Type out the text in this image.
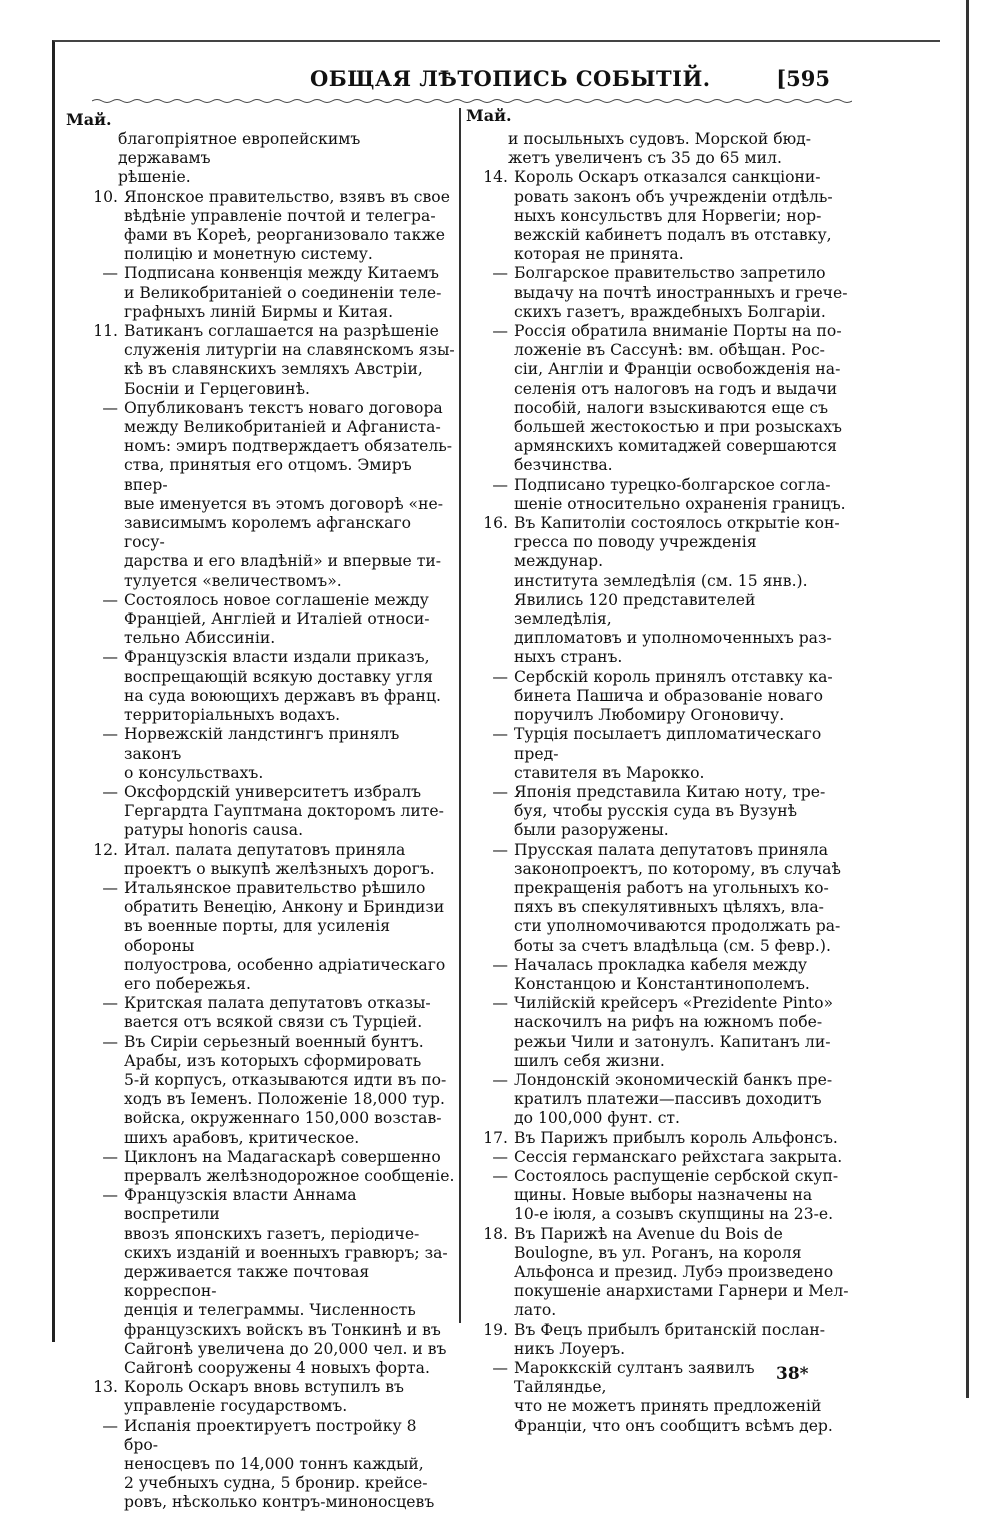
ОБЩАЯ ЛѢТОПИСЬ СОБЫТІЙ.	[595
Май.	Май.
благопріятное европейскимъ державамъ
рѣшеніе.
10. Японское правительство, взявъ въ свое
вѣдѣніе управленіе почтой и телегра-
фами въ Кореѣ, реорганизовало также
полицію и монетную систему.
— Подписана конвенція между Китаемъ
и Великобританіей о соединеніи теле-
графныхъ линій Бирмы и Китая.
11. Ватиканъ соглашается на разрѣшеніе
служенія литургіи на славянскомъ язы-
кѣ въ славянскихъ земляхъ Австріи,
Босніи и Герцеговинѣ.
— Опубликованъ текстъ новаго договора
между Великобританіей и Афганиста-
номъ: эмиръ подтверждаетъ обязатель-
ства, принятыя его отцомъ. Эмиръ впер-
вые именуется въ этомъ договорѣ «не-
зависимымъ королемъ афганскаго госу-
дарства и его владѣній» и впервые ти-
тулуется «величествомъ».
— Состоялось новое соглашеніе между
Франціей, Англіей и Италіей относи-
тельно Абиссиніи.
— Французскія власти издали приказъ,
воспрещающій всякую доставку угля
на суда воюющихъ державъ въ франц.
территоріальныхъ водахъ.
— Норвежскій ландстингъ принялъ законъ
о консульствахъ.
— Оксфордскій университетъ избралъ
Гергардта Гауптмана докторомъ лите-
ратуры honoris causa.
12. Итал. палата депутатовъ приняла
проектъ о выкупѣ желѣзныхъ дорогъ.
— Итальянское правительство рѣшило
обратить Венецію, Анкону и Бриндизи
въ военные порты, для усиленія обороны
полуострова, особенно адріатическаго
его побережья.
— Критская палата депутатовъ отказы-
вается отъ всякой связи съ Турціей.
— Въ Сиріи серьезный военный бунтъ.
Арабы, изъ которыхъ сформировать
5-й корпусъ, отказываются идти въ по-
ходъ въ Іеменъ. Положеніе 18,000 тур.
войска, окруженнаго 150,000 возстав-
шихъ арабовъ, критическое.
— Циклонъ на Мадагаскарѣ совершенно
прервалъ желѣзнодорожное сообщеніе.
— Французскія власти Аннама воспретили
ввозъ японскихъ газетъ, періодиче-
скихъ изданій и военныхъ гравюръ; за-
держивается также почтовая корреспон-
денція и телеграммы. Численность
французскихъ войскъ въ Тонкинѣ и въ
Сайгонѣ увеличена до 20,000 чел. и въ
Сайгонѣ сооружены 4 новыхъ форта.
13. Король Оскаръ вновь вступилъ въ
управленіе государствомъ.
— Испанія проектируетъ постройку 8 бро-
неносцевъ по 14,000 тоннъ каждый,
2 учебныхъ судна, 5 бронир. крейсе-
ровъ, нѣсколько контръ-миноносцевъ
и посыльныхъ судовъ. Морской бюд-
жетъ увеличенъ съ 35 до 65 мил.
14. Король Оскаръ отказался санкціони-
ровать законъ объ учрежденіи отдѣль-
ныхъ консульствъ для Норвегіи; нор-
вежскій кабинетъ подалъ въ отставку,
которая не принята.
— Болгарское правительство запретило
выдачу на почтѣ иностранныхъ и грече-
скихъ газетъ, враждебныхъ Болгаріи.
— Россія обратила вниманіе Порты на по-
ложеніе въ Сассунѣ: вм. обѣщан. Рос-
сіи, Англіи и Франціи освобожденія на-
селенія отъ налоговъ на годъ и выдачи
пособій, налоги взыскиваются еще съ
большей жестокостью и при розыскахъ
армянскихъ комитаджей совершаются
безчинства.
— Подписано турецко-болгарское согла-
шеніе относительно охраненія границъ.
16. Въ Капитоліи состоялось открытіе кон-
гресса по поводу учрежденія междунар.
института земледѣлія (см. 15 янв.).
Явились 120 представителей земледѣлія,
дипломатовъ и уполномоченныхъ раз-
ныхъ странъ.
— Сербскій король принялъ отставку ка-
бинета Пашича и образованіе новаго
поручилъ Любомиру Огоновичу.
— Турція посылаетъ дипломатическаго пред-
ставителя въ Марокко.
— Японія представила Китаю ноту, тре-
буя, чтобы русскія суда въ Вузунѣ
были разоружены.
— Прусская палата депутатовъ приняла
законопроектъ, по которому, въ случаѣ
прекращенія работъ на угольныхъ ко-
пяхъ въ спекулятивныхъ цѣляхъ, вла-
сти уполномочиваются продолжать ра-
боты за счетъ владѣльца (см. 5 февр.).
— Началась прокладка кабеля между
Констанцою и Константинополемъ.
— Чилійскій крейсеръ «Prezidente Pinto»
наскочилъ на рифъ на южномъ побе-
режьи Чили и затонулъ. Капитанъ ли-
шилъ себя жизни.
— Лондонскій экономическій банкъ пре-
кратилъ платежи—пассивъ доходитъ
до 100,000 фунт. ст.
17. Въ Парижъ прибылъ король Альфонсъ.
— Сессія германскаго рейхстага закрыта.
— Состоялось распущеніе сербской скуп-
щины. Новые выборы назначены на
10-е іюля, а созывъ скупщины на 23-е.
18. Въ Парижѣ на Avenue du Bois de
Boulogne, въ ул. Роганъ, на короля
Альфонса и презид. Лубэ произведено
покушеніе анархистами Гарнери и Мел-
лато.
19. Въ Фецъ прибылъ британскій послан-
никъ Лоуеръ.
— Мароккскій султанъ заявилъ Тайляндье,
что не можетъ принять предложеній
Франціи, что онъ сообщитъ всѣмъ дер.
38*
